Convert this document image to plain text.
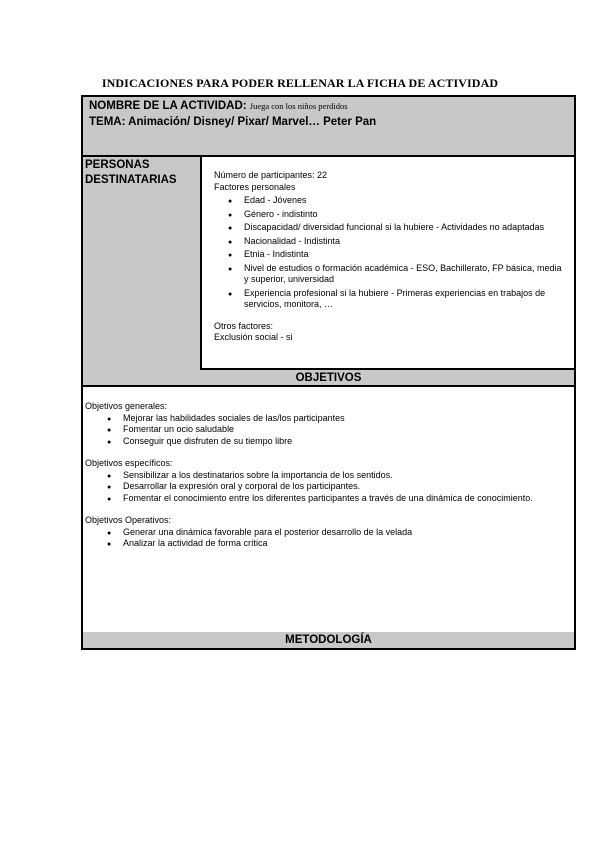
INDICACIONES PARA PODER RELLENAR LA FICHA DE ACTIVIDAD
NOMBRE DE LA ACTIVIDAD: Juega con los niños perdidos
TEMA: Animación/ Disney/ Pixar/ Marvel… Peter Pan
PERSONAS DESTINATARIAS	Número de participantes: 22
Factores personales
● Edad - Jóvenes
● Género - indistinto
● Discapacidad/ diversidad funcional si la hubiere - Actividades no adaptadas
● Nacionalidad - Indistinta
● Etnia - Indistinta
● Nivel de estudios o formación académica - ESO, Bachillerato, FP básica, media y superior, universidad
● Experiencia profesional si la hubiere - Primeras experiencias en trabajos de servicios, monitora, …
Otros factores:
Exclusión social - si
OBJETIVOS

Objetivos generales:

● Mejorar las habilidades sociales de las/los participantes
● Fomentar un ocio saludable
● Conseguir que disfruten de su tiempo libre

Objetivos específicos:

● Sensibilizar a los destinatarios sobre la importancia de los sentidos.
● Desarrollar la expresión oral y corporal de los participantes.
● Fomentar el conocimiento entre los diferentes participantes a través de una dinámica de conocimiento.

Objetivos Operativos:

● Generar una dinámica favorable para el posterior desarrollo de la velada
● Analizar la actividad de forma crítica
METODOLOGÍA
